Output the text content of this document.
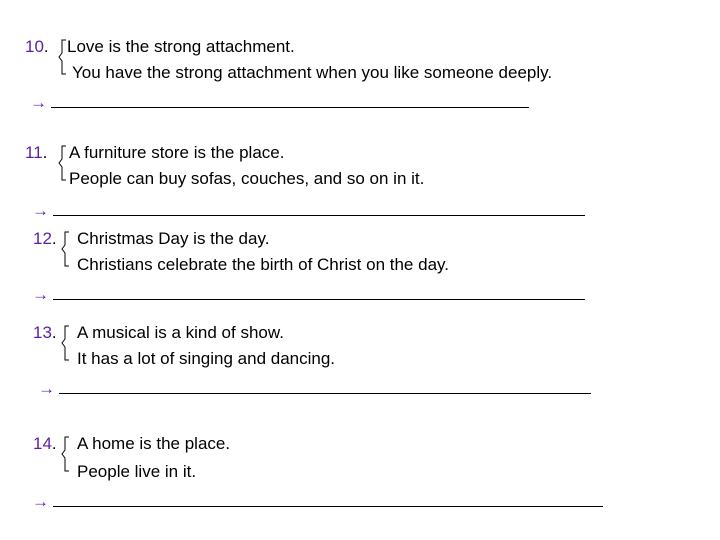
10. Love is the strong attachment.
You have the strong attachment when you like someone deeply.
→
11. A furniture store is the place.
People can buy sofas, couches, and so on in it.
→
12. Christmas Day is the day.
Christians celebrate the birth of Christ on the day.
→
13. A musical is a kind of show.
It has a lot of singing and dancing.
→
14. A home is the place.
People live in it.
→
